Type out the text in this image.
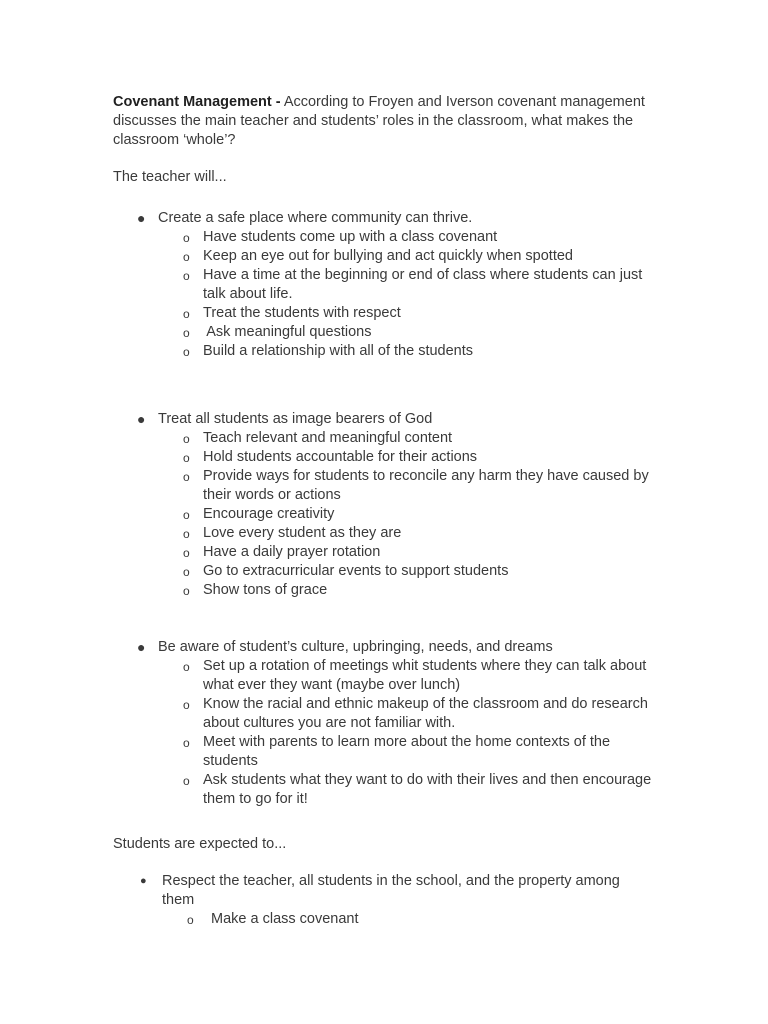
Covenant Management - According to Froyen and Iverson covenant management discusses the main teacher and students’ roles in the classroom, what makes the classroom ‘whole’?

The teacher will...

● Create a safe place where community can thrive.
o Have students come up with a class covenant
o Keep an eye out for bullying and act quickly when spotted
o Have a time at the beginning or end of class where students can just talk about life.
o Treat the students with respect
o Ask meaningful questions
o Build a relationship with all of the students
● Treat all students as image bearers of God
o Teach relevant and meaningful content
o Hold students accountable for their actions
o Provide ways for students to reconcile any harm they have caused by their words or actions
o Encourage creativity
o Love every student as they are
o Have a daily prayer rotation
o Go to extracurricular events to support students
o Show tons of grace
● Be aware of student’s culture, upbringing, needs, and dreams
o Set up a rotation of meetings whit students where they can talk about what ever they want (maybe over lunch)
o Know the racial and ethnic makeup of the classroom and do research about cultures you are not familiar with.
o Meet with parents to learn more about the home contexts of the students
o Ask students what they want to do with their lives and then encourage them to go for it!

Students are expected to...

● Respect the teacher, all students in the school, and the property among them
o Make a class covenant
